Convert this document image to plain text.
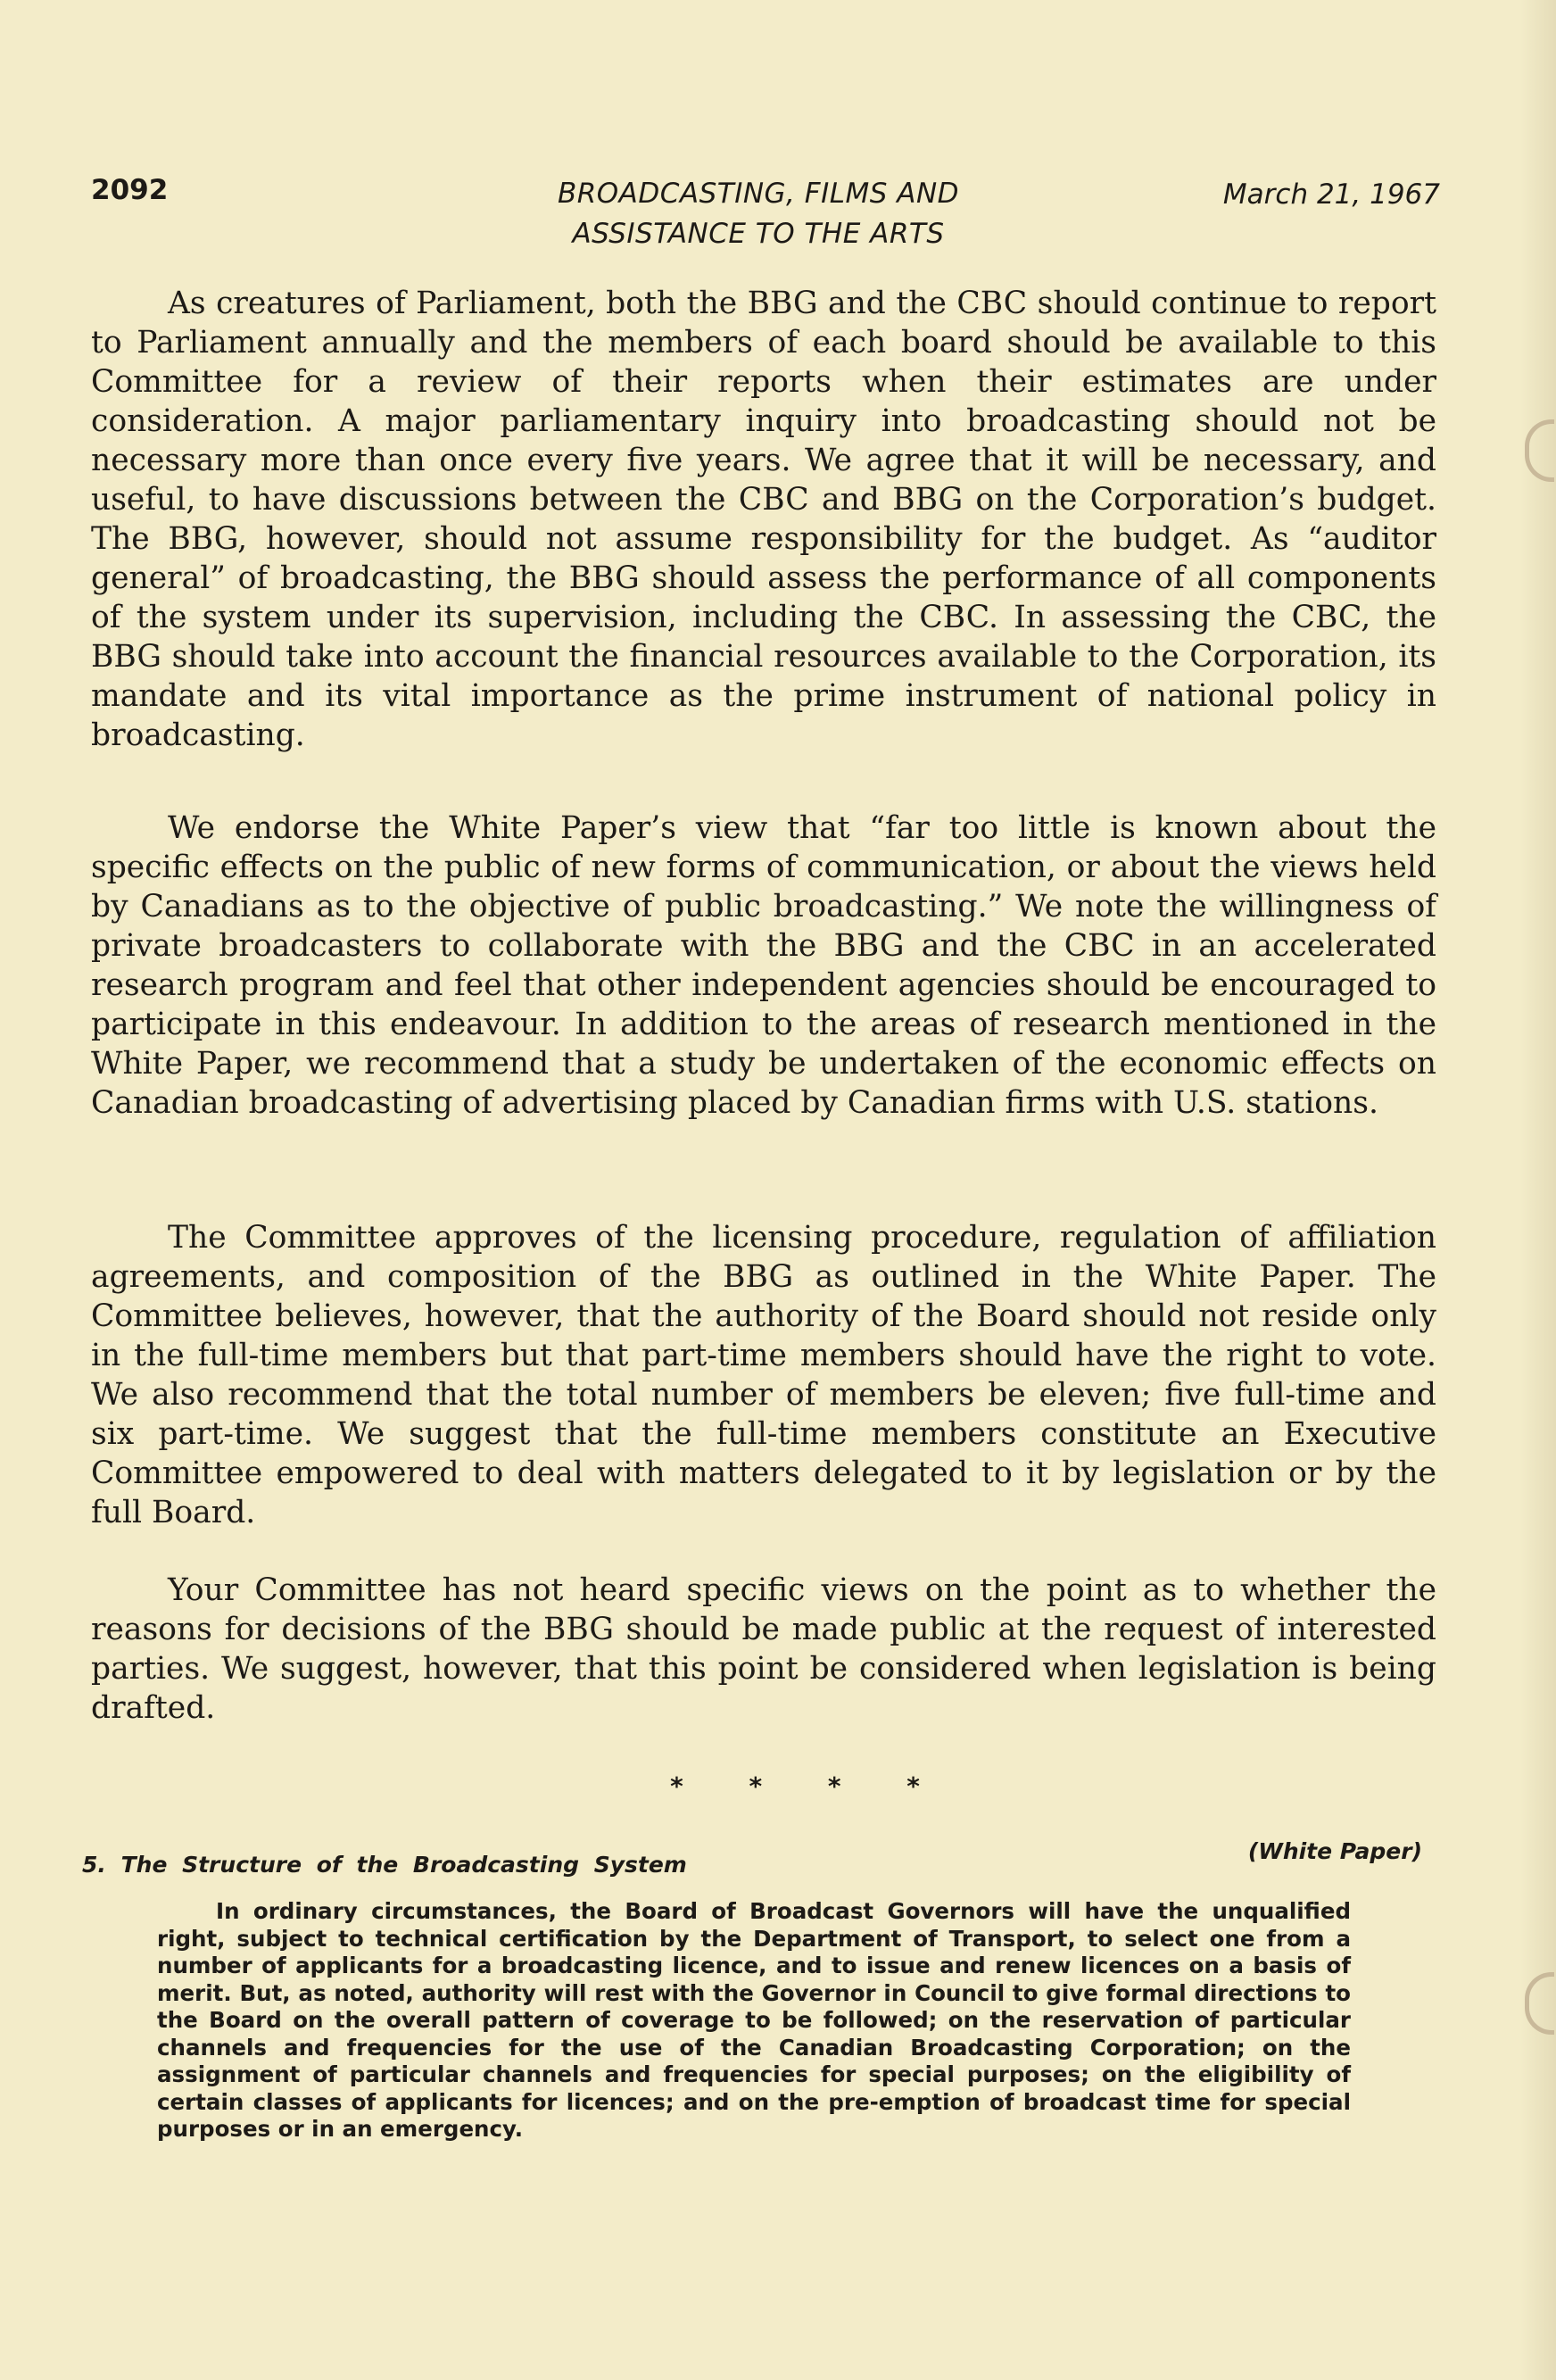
2092	BROADCASTING, FILMS AND
ASSISTANCE TO THE ARTS
March 21, 1967

As creatures of Parliament, both the BBG and the CBC should continue to report to Parliament annually and the members of each board should be available to this Committee for a review of their reports when their estimates are under consideration. A major parliamentary inquiry into broadcasting should not be necessary more than once every five years. We agree that it will be necessary, and useful, to have discussions between the CBC and BBG on the Corporation’s budget. The BBG, however, should not assume responsibility for the budget. As “auditor general” of broadcasting, the BBG should assess the performance of all components of the system under its supervision, including the CBC. In assessing the CBC, the BBG should take into account the financial resources available to the Corporation, its mandate and its vital importance as the prime instrument of national policy in broadcasting.

We endorse the White Paper’s view that “far too little is known about the specific effects on the public of new forms of communication, or about the views held by Canadians as to the objective of public broadcasting.” We note the willingness of private broadcasters to collaborate with the BBG and the CBC in an accelerated research program and feel that other independent agencies should be encouraged to participate in this endeavour. In addition to the areas of research mentioned in the White Paper, we recommend that a study be undertaken of the economic effects on Canadian broadcasting of advertising placed by Canadian firms with U.S. stations.

The Committee approves of the licensing procedure, regulation of affiliation agreements, and composition of the BBG as outlined in the White Paper. The Committee believes, however, that the authority of the Board should not reside only in the full-time members but that part-time members should have the right to vote. We also recommend that the total number of members be eleven; five full-time and six part-time. We suggest that the full-time members constitute an Executive Committee empowered to deal with matters delegated to it by legislation or by the full Board.

Your Committee has not heard specific views on the point as to whether the reasons for decisions of the BBG should be made public at the request of interested parties. We suggest, however, that this point be considered when legislation is being drafted.

* * * *
5. The Structure of the Broadcasting System
(White Paper)

In ordinary circumstances, the Board of Broadcast Governors will have the unqualified right, subject to technical certification by the Department of Transport, to select one from a number of applicants for a broadcasting licence, and to issue and renew licences on a basis of merit. But, as noted, authority will rest with the Governor in Council to give formal directions to the Board on the overall pattern of coverage to be followed; on the reservation of particular channels and frequencies for the use of the Canadian Broadcasting Corporation; on the assignment of particular channels and frequencies for special purposes; on the eligibility of certain classes of applicants for licences; and on the pre-emption of broadcast time for special purposes or in an emergency.
